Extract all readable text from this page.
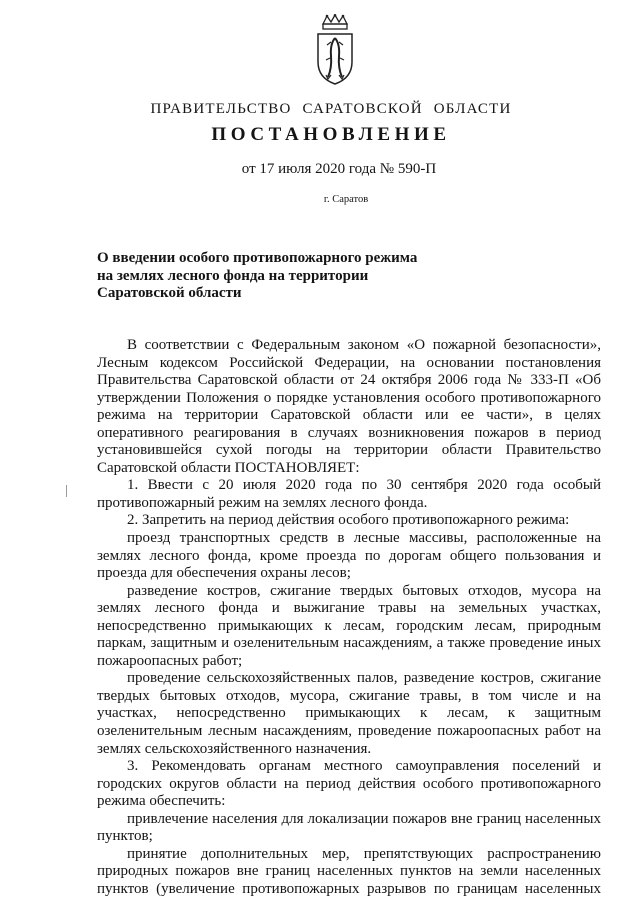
ПРАВИТЕЛЬСТВО САРАТОВСКОЙ ОБЛАСТИ
ПОСТАНОВЛЕНИЕ
от 17 июля 2020 года № 590-П
г. Саратов
О введении особого противопожарного режима
на землях лесного фонда на территории
Саратовской области

В соответствии с Федеральным законом «О пожарной безопасности», Лесным кодексом Российской Федерации, на основании постановления Правительства Саратовской области от 24 октября 2006 года № 333-П «Об утверждении Положения о порядке установления особого противопожарного режима на территории Саратовской области или ее части», в целях оперативного реагирования в случаях возникновения пожаров в период установившейся сухой погоды на территории области Правительство Саратовской области ПОСТАНОВЛЯЕТ:

1. Ввести с 20 июля 2020 года по 30 сентября 2020 года особый противопожарный режим на землях лесного фонда.

2. Запретить на период действия особого противопожарного режима:

проезд транспортных средств в лесные массивы, расположенные на землях лесного фонда, кроме проезда по дорогам общего пользования и проезда для обеспечения охраны лесов;

разведение костров, сжигание твердых бытовых отходов, мусора на землях лесного фонда и выжигание травы на земельных участках, непосредственно примыкающих к лесам, городским лесам, природным паркам, защитным и озеленительным насаждениям, а также проведение иных пожароопасных работ;

проведение сельскохозяйственных палов, разведение костров, сжигание твердых бытовых отходов, мусора, сжигание травы, в том числе и на участках, непосредственно примыкающих к лесам, к защитным озеленительным лесным насаждениям, проведение пожароопасных работ на землях сельскохозяйственного назначения.

3. Рекомендовать органам местного самоуправления поселений и городских округов области на период действия особого противопожарного режима обеспечить:

привлечение населения для локализации пожаров вне границ населенных пунктов;

принятие дополнительных мер, препятствующих распространению природных пожаров вне границ населенных пунктов на земли населенных пунктов (увеличение противопожарных разрывов по границам населенных
